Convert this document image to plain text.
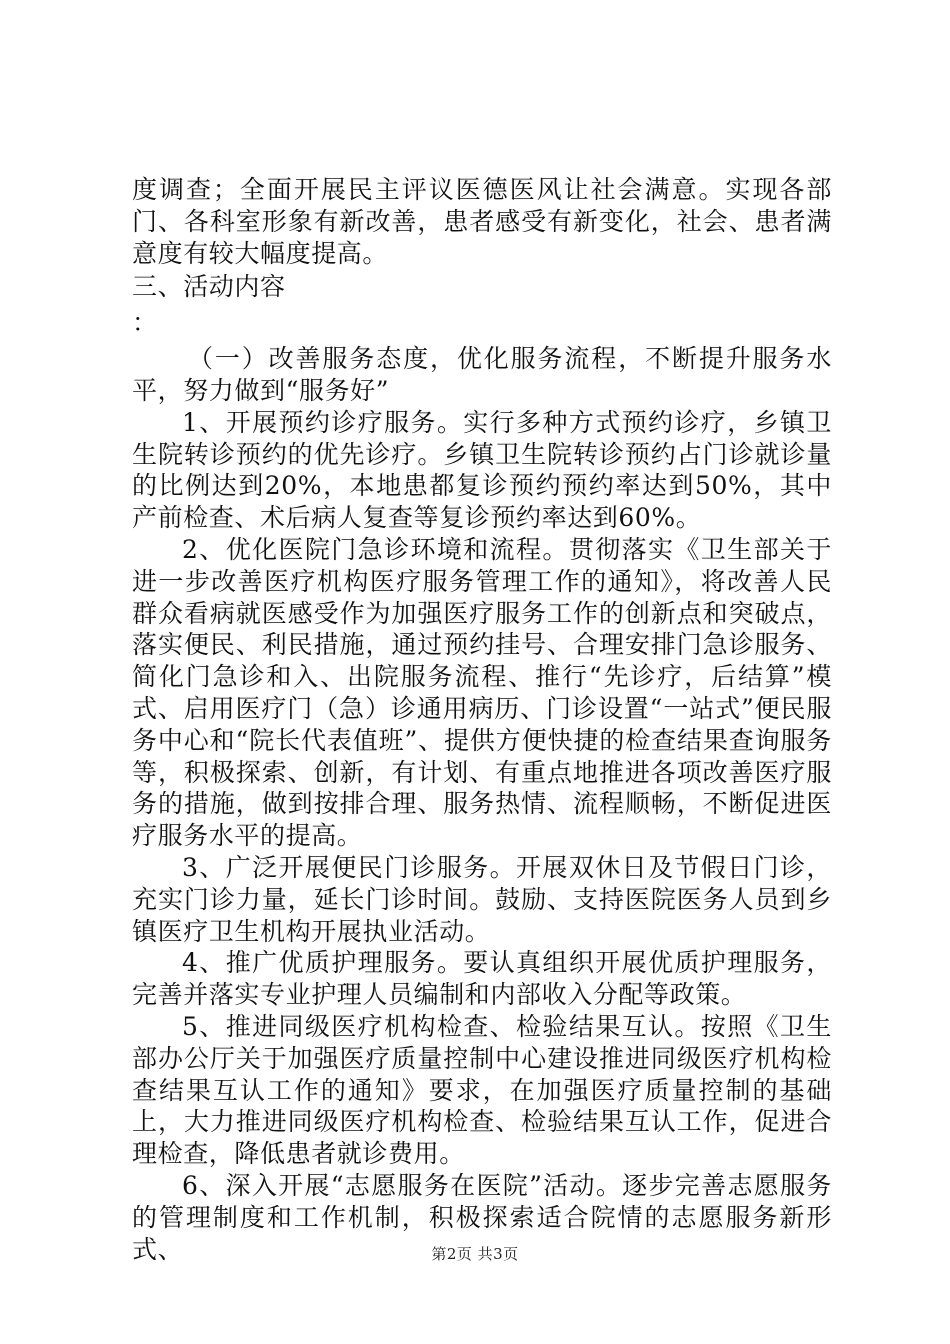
度调查；全面开展民主评议医德医风让社会满意。实现各部门、各科室形象有新改善，患者感受有新变化，社会、患者满意度有较大幅度提高。

三、活动内容

：

（一）改善服务态度，优化服务流程，不断提升服务水平，努力做到“服务好”

1、开展预约诊疗服务。实行多种方式预约诊疗，乡镇卫生院转诊预约的优先诊疗。乡镇卫生院转诊预约占门诊就诊量的比例达到20%，本地患都复诊预约预约率达到50%，其中产前检查、术后病人复查等复诊预约率达到60%。

2、优化医院门急诊环境和流程。贯彻落实《卫生部关于进一步改善医疗机构医疗服务管理工作的通知》，将改善人民群众看病就医感受作为加强医疗服务工作的创新点和突破点，落实便民、利民措施，通过预约挂号、合理安排门急诊服务、简化门急诊和入、出院服务流程、推行“先诊疗，后结算”模式、启用医疗门（急）诊通用病历、门诊设置“一站式”便民服务中心和“院长代表值班”、提供方便快捷的检查结果查询服务等，积极探索、创新，有计划、有重点地推进各项改善医疗服务的措施，做到按排合理、服务热情、流程顺畅，不断促进医疗服务水平的提高。

3、广泛开展便民门诊服务。开展双休日及节假日门诊，充实门诊力量，延长门诊时间。鼓励、支持医院医务人员到乡镇医疗卫生机构开展执业活动。

4、推广优质护理服务。要认真组织开展优质护理服务，完善并落实专业护理人员编制和内部收入分配等政策。

5、推进同级医疗机构检查、检验结果互认。按照《卫生部办公厅关于加强医疗质量控制中心建设推进同级医疗机构检查结果互认工作的通知》要求，在加强医疗质量控制的基础上，大力推进同级医疗机构检查、检验结果互认工作，促进合理检查，降低患者就诊费用。

6、深入开展“志愿服务在医院”活动。逐步完善志愿服务的管理制度和工作机制，积极探索适合院情的志愿服务新形式、	第2页 共3页
